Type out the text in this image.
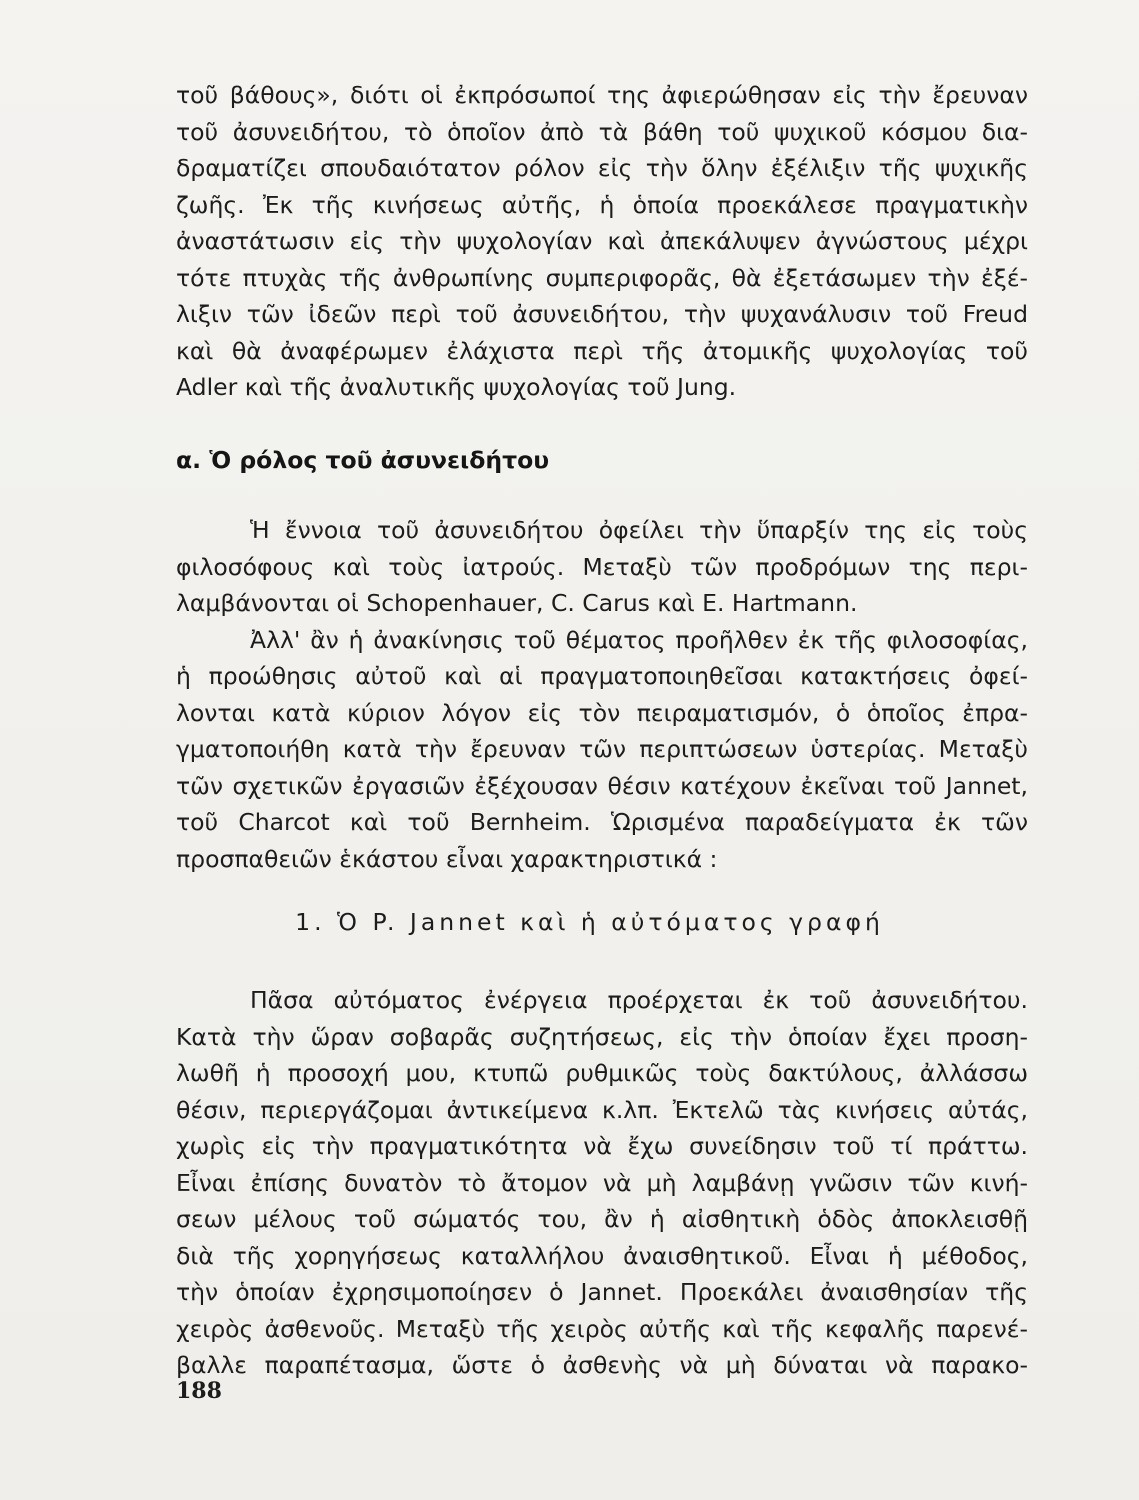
τοῦ βάθους», διότι οἱ ἐκπρόσωποί της ἀφιερώθησαν εἰς τὴν ἔρευναν
τοῦ ἀσυνειδήτου, τὸ ὁποῖον ἀπὸ τὰ βάθη τοῦ ψυχικοῦ κόσμου δια-
δραματίζει σπουδαιότατον ρόλον εἰς τὴν ὅλην ἐξέλιξιν τῆς ψυχικῆς
ζωῆς. Ἐκ τῆς κινήσεως αὐτῆς, ἡ ὁποία προεκάλεσε πραγματικὴν
ἀναστάτωσιν εἰς τὴν ψυχολογίαν καὶ ἀπεκάλυψεν ἀγνώστους μέχρι
τότε πτυχὰς τῆς ἀνθρωπίνης συμπεριφορᾶς, θὰ ἐξετάσωμεν τὴν ἐξέ-
λιξιν τῶν ἰδεῶν περὶ τοῦ ἀσυνειδήτου, τὴν ψυχανάλυσιν τοῦ Freud
καὶ θὰ ἀναφέρωμεν ἐλάχιστα περὶ τῆς ἀτομικῆς ψυχολογίας τοῦ
Adler καὶ τῆς ἀναλυτικῆς ψυχολογίας τοῦ Jung.
α. Ὁ ρόλος τοῦ ἀσυνειδήτου
Ἡ ἔννοια τοῦ ἀσυνειδήτου ὀφείλει τὴν ὕπαρξίν της εἰς τοὺς
φιλοσόφους καὶ τοὺς ἰατρούς. Μεταξὺ τῶν προδρόμων της περι-
λαμβάνονται οἱ Schopenhauer, C. Carus καὶ E. Hartmann.
Ἀλλ' ἂν ἡ ἀνακίνησις τοῦ θέματος προῆλθεν ἐκ τῆς φιλοσοφίας,
ἡ προώθησις αὐτοῦ καὶ αἱ πραγματοποιηθεῖσαι κατακτήσεις ὀφεί-
λονται κατὰ κύριον λόγον εἰς τὸν πειραματισμόν, ὁ ὁποῖος ἐπρα-
γματοποιήθη κατὰ τὴν ἔρευναν τῶν περιπτώσεων ὑστερίας. Μεταξὺ
τῶν σχετικῶν ἐργασιῶν ἐξέχουσαν θέσιν κατέχουν ἐκεῖναι τοῦ Jannet,
τοῦ Charcot καὶ τοῦ Bernheim. Ὡρισμένα παραδείγματα ἐκ τῶν
προσπαθειῶν ἑκάστου εἶναι χαρακτηριστικά :
1. Ὁ P. Jannet καὶ ἡ αὐτόματος γραφή
Πᾶσα αὐτόματος ἐνέργεια προέρχεται ἐκ τοῦ ἀσυνειδήτου.
Κατὰ τὴν ὥραν σοβαρᾶς συζητήσεως, εἰς τὴν ὁποίαν ἔχει προση-
λωθῆ ἡ προσοχή μου, κτυπῶ ρυθμικῶς τοὺς δακτύλους, ἀλλάσσω
θέσιν, περιεργάζομαι ἀντικείμενα κ.λπ. Ἐκτελῶ τὰς κινήσεις αὐτάς,
χωρὶς εἰς τὴν πραγματικότητα νὰ ἔχω συνείδησιν τοῦ τί πράττω.
Εἶναι ἐπίσης δυνατὸν τὸ ἄτομον νὰ μὴ λαμβάνῃ γνῶσιν τῶν κινή-
σεων μέλους τοῦ σώματός του, ἂν ἡ αἰσθητικὴ ὁδὸς ἀποκλεισθῇ
διὰ τῆς χορηγήσεως καταλλήλου ἀναισθητικοῦ. Εἶναι ἡ μέθοδος,
τὴν ὁποίαν ἐχρησιμοποίησεν ὁ Jannet. Προεκάλει ἀναισθησίαν τῆς
χειρὸς ἀσθενοῦς. Μεταξὺ τῆς χειρὸς αὐτῆς καὶ τῆς κεφαλῆς παρενέ-
βαλλε παραπέτασμα, ὥστε ὁ ἀσθενὴς νὰ μὴ δύναται νὰ παρακο-
188
